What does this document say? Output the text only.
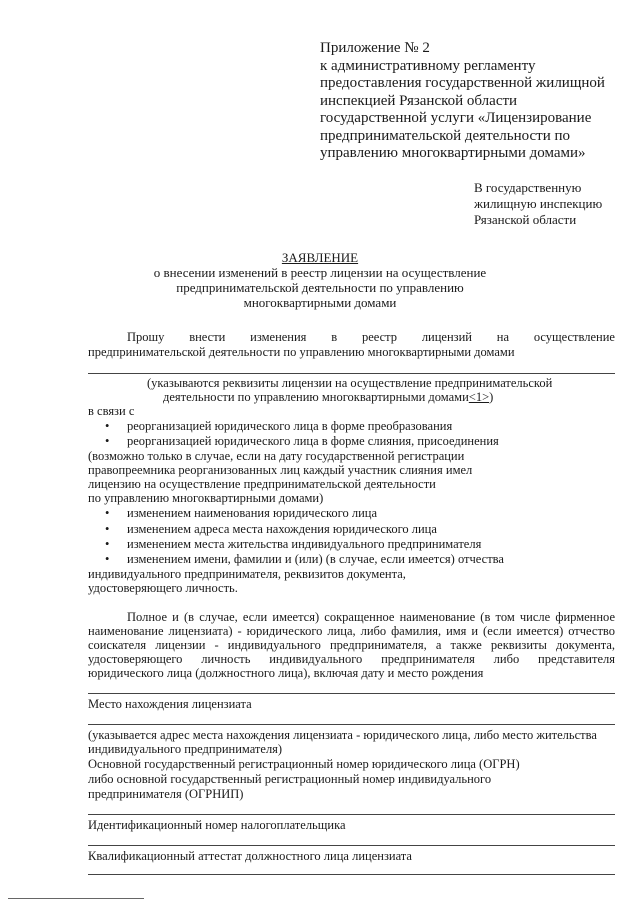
Приложение № 2
к административному регламенту
предоставления государственной жилищной
инспекцией Рязанской области
государственной услуги «Лицензирование
предпринимательской деятельности по
управлению многоквартирными домами»
В государственную
жилищную инспекцию
Рязанской области
ЗАЯВЛЕНИЕ
о внесении изменений в реестр лицензии на осуществление
предпринимательской деятельности по управлению
многоквартирными домами
Прошу внести изменения в реестр лицензий на осуществление
предпринимательской деятельности по управлению многоквартирными домами
(указываются реквизиты лицензии на осуществление предпринимательской
деятельности по управлению многоквартирными домами<1>)
в связи с
• реорганизацией юридического лица в форме преобразования
• реорганизацией юридического лица в форме слияния, присоединения
(возможно только в случае, если на дату государственной регистрации
правопреемника реорганизованных лиц каждый участник слияния имел
лицензию на осуществление предпринимательской деятельности
по управлению многоквартирными домами)
• изменением наименования юридического лица
• изменением адреса места нахождения юридического лица
• изменением места жительства индивидуального предпринимателя
• изменением имени, фамилии и (или) (в случае, если имеется) отчества
индивидуального предпринимателя, реквизитов документа,
удостоверяющего личность.
Полное и (в случае, если имеется) сокращенное наименование (в том числе фирменное
наименование лицензиата) - юридического лица, либо фамилия, имя и (если имеется) отчество
соискателя лицензии - индивидуального предпринимателя, а также реквизиты документа,
удостоверяющего личность индивидуального предпринимателя либо представителя
юридического лица (должностного лица), включая дату и место рождения
Место нахождения лицензиата
(указывается адрес места нахождения лицензиата - юридического лица, либо место жительства
индивидуального предпринимателя)
Основной государственный регистрационный номер юридического лица (ОГРН)
либо основной государственный регистрационный номер индивидуального
предпринимателя (ОГРНИП)
Идентификационный номер налогоплательщика
Квалификационный аттестат должностного лица лицензиата
